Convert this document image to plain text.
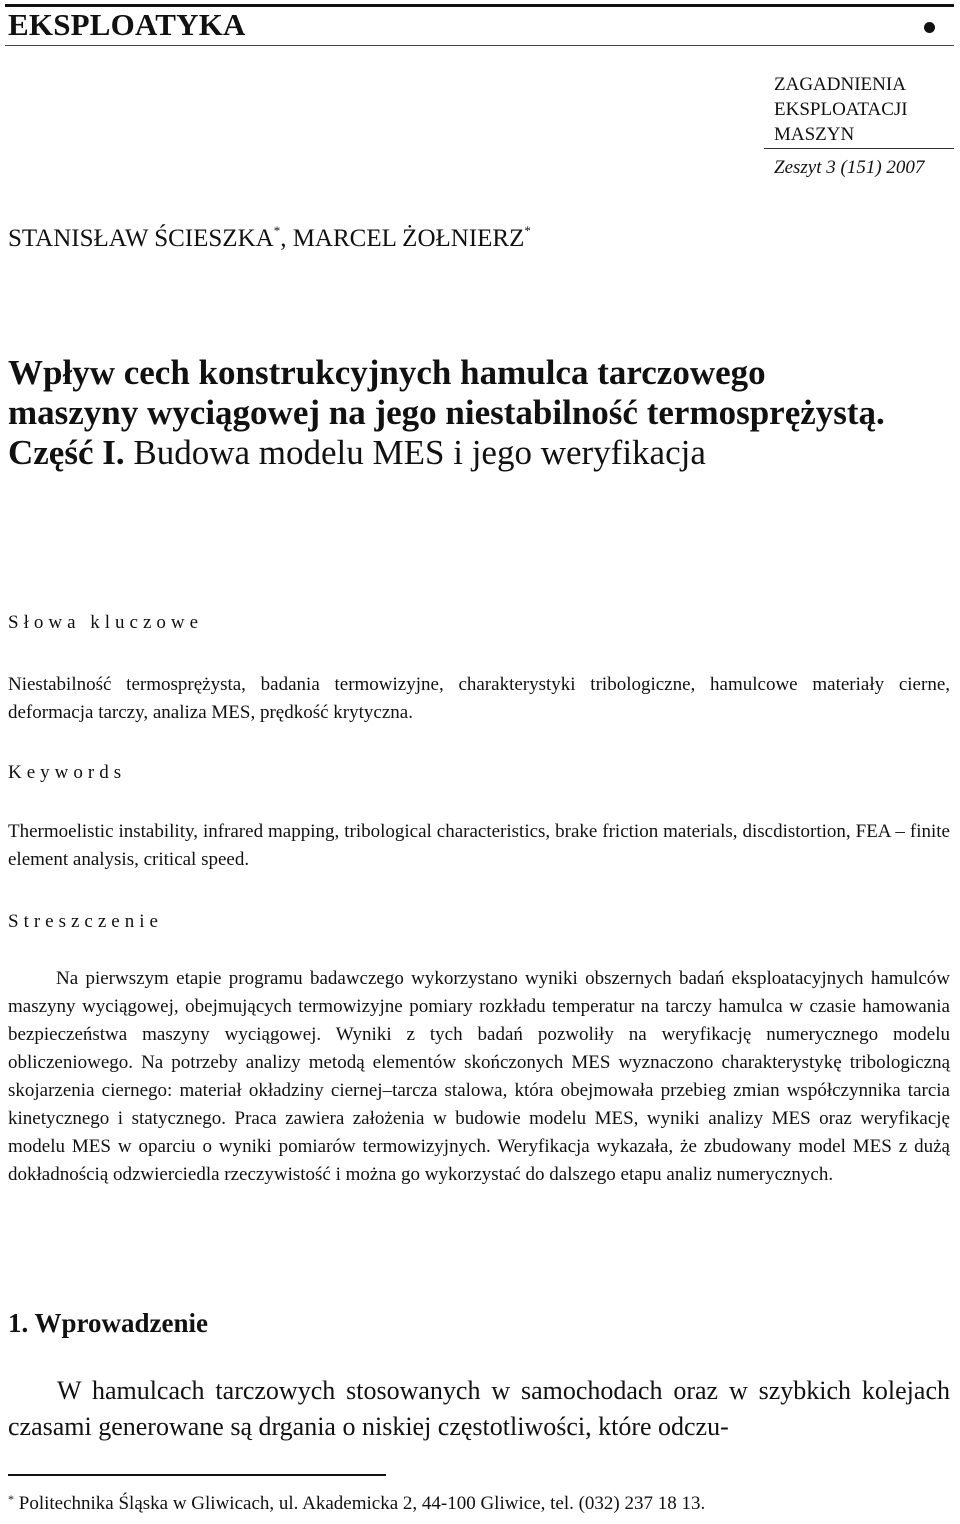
EKSPLOATYKA
ZAGADNIENIA
EKSPLOATACJI
MASZYN
Zeszyt 3 (151) 2007
STANISŁAW ŚCIESZKA*, MARCEL ŻOŁNIERZ*
Wpływ cech konstrukcyjnych hamulca tarczowego
maszyny wyciągowej na jego niestabilność termosprężystą.
Część I. Budowa modelu MES i jego weryfikacja
Słowa kluczowe
Niestabilność termosprężysta, badania termowizyjne, charakterystyki tribologiczne, hamulcowe materiały cierne, deformacja tarczy, analiza MES, prędkość krytyczna.
Keywords
Thermoelistic instability, infrared mapping, tribological characteristics, brake friction materials, discdistortion, FEA – finite element analysis, critical speed.
Streszczenie
Na pierwszym etapie programu badawczego wykorzystano wyniki obszernych badań eksploatacyjnych hamulców maszyny wyciągowej, obejmujących termowizyjne pomiary rozkładu temperatur na tarczy hamulca w czasie hamowania bezpieczeństwa maszyny wyciągowej. Wyniki z tych badań pozwoliły na weryfikację numerycznego modelu obliczeniowego. Na potrzeby analizy metodą elementów skończonych MES wyznaczono charakterystykę tribologiczną skojarzenia ciernego: materiał okładziny ciernej–tarcza stalowa, która obejmowała przebieg zmian współczynnika tarcia kinetycznego i statycznego. Praca zawiera założenia w budowie modelu MES, wyniki analizy MES oraz weryfikację modelu MES w oparciu o wyniki pomiarów termowizyjnych. Weryfikacja wykazała, że zbudowany model MES z dużą dokładnością odzwierciedla rzeczywistość i można go wykorzystać do dalszego etapu analiz numerycznych.
1. Wprowadzenie
W hamulcach tarczowych stosowanych w samochodach oraz w szybkich kolejach czasami generowane są drgania o niskiej częstotliwości, które odczu-
* Politechnika Śląska w Gliwicach, ul. Akademicka 2, 44-100 Gliwice, tel. (032) 237 18 13.
